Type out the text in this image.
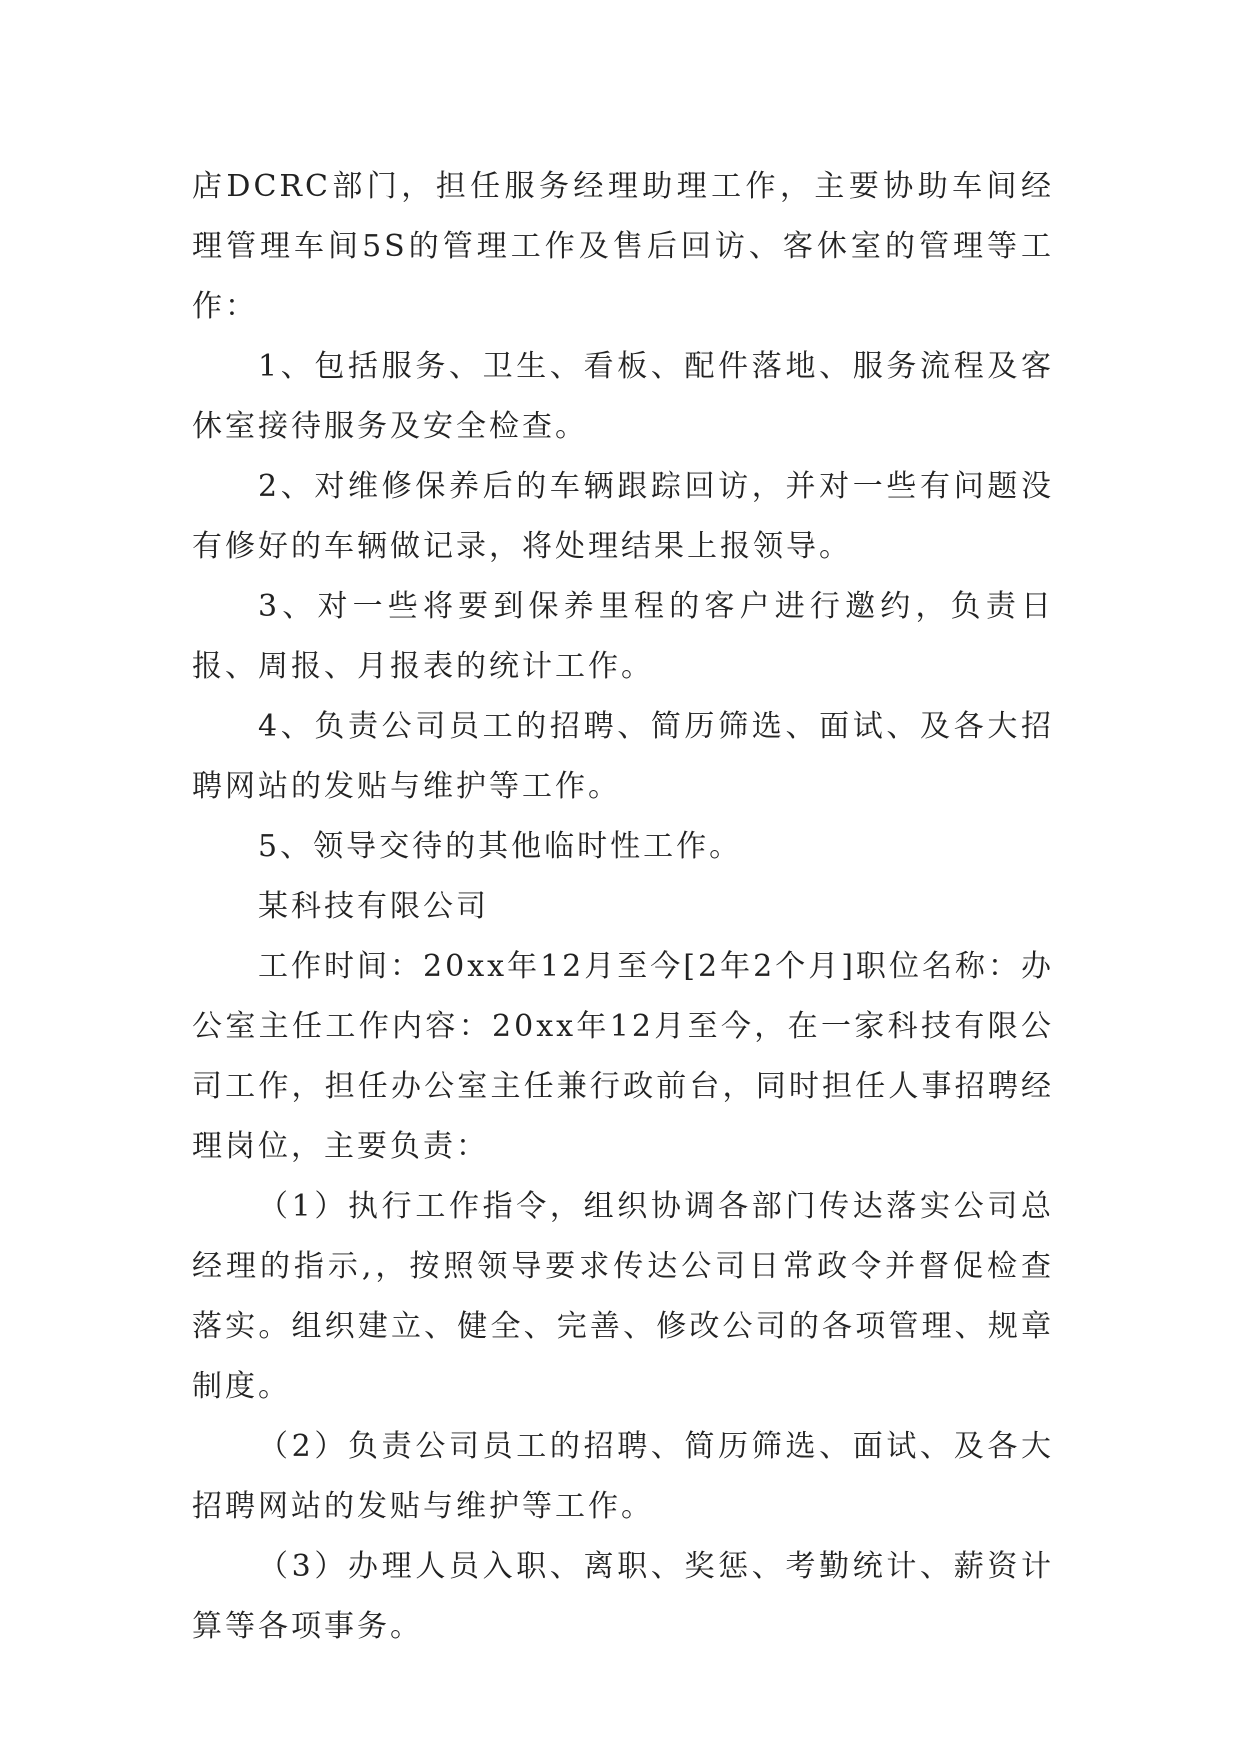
店DCRC部门，担任服务经理助理工作，主要协助车间经理管理车间5S的管理工作及售后回访、客休室的管理等工作：

1、包括服务、卫生、看板、配件落地、服务流程及客休室接待服务及安全检查。

2、对维修保养后的车辆跟踪回访，并对一些有问题没有修好的车辆做记录，将处理结果上报领导。

3、对一些将要到保养里程的客户进行邀约，负责日报、周报、月报表的统计工作。

4、负责公司员工的招聘、简历筛选、面试、及各大招聘网站的发贴与维护等工作。

5、领导交待的其他临时性工作。

某科技有限公司

工作时间：20xx年12月至今[2年2个月]职位名称：办公室主任工作内容：20xx年12月至今，在一家科技有限公司工作，担任办公室主任兼行政前台，同时担任人事招聘经理岗位，主要负责：

（1）执行工作指令，组织协调各部门传达落实公司总经理的指示,，按照领导要求传达公司日常政令并督促检查落实。组织建立、健全、完善、修改公司的各项管理、规章制度。

（2）负责公司员工的招聘、简历筛选、面试、及各大招聘网站的发贴与维护等工作。

（3）办理人员入职、离职、奖惩、考勤统计、薪资计算等各项事务。
